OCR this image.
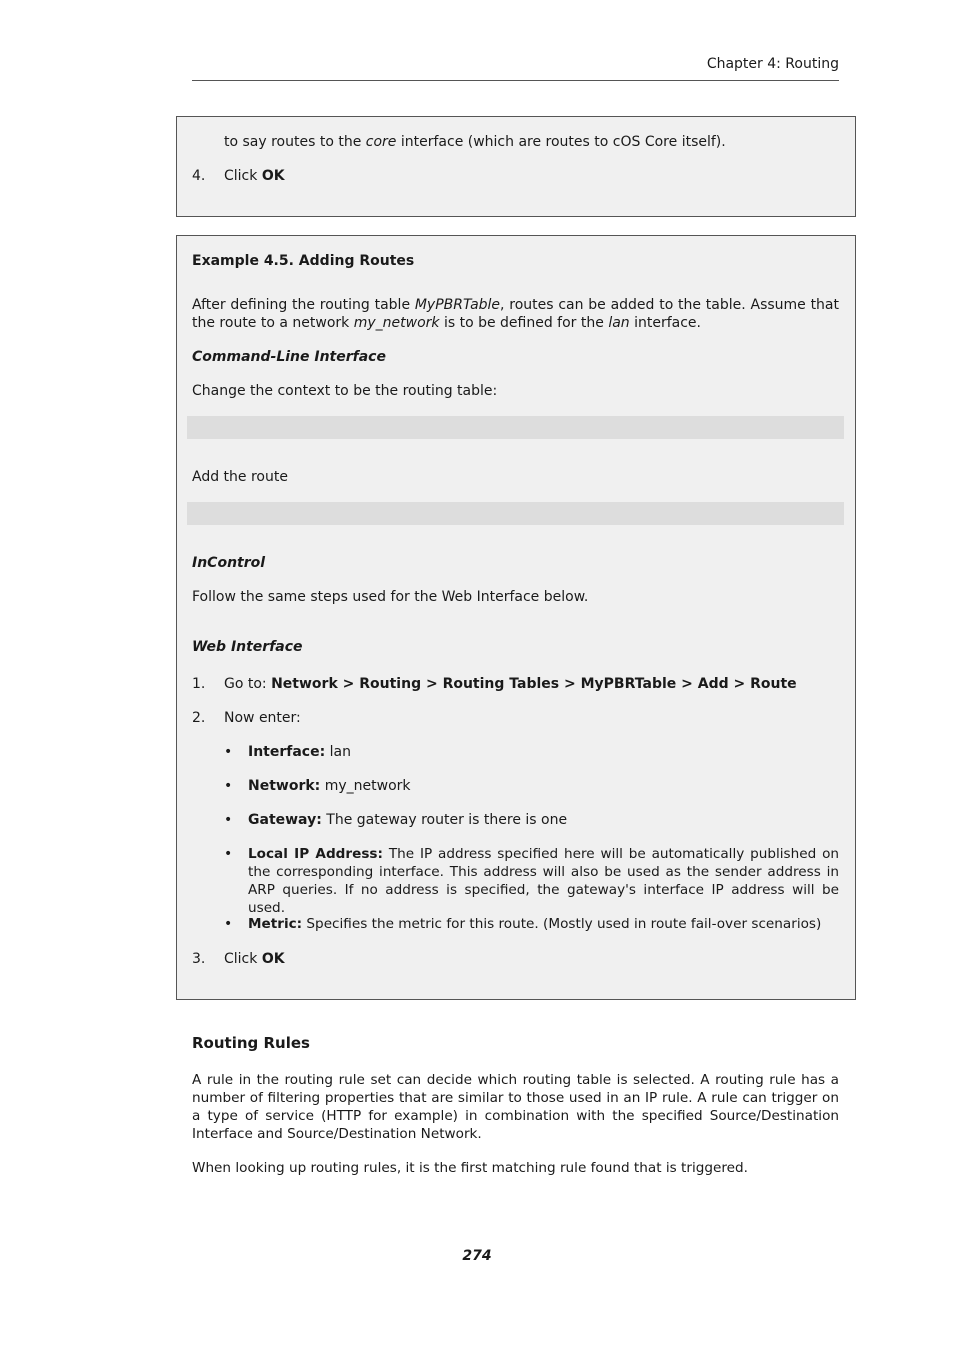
Chapter 4: Routing
to say routes to the core interface (which are routes to cOS Core itself).
4. Click OK
Example 4.5. Adding Routes
After defining the routing table MyPBRTable, routes can be added to the table. Assume that the route to a network my_network is to be defined for the lan interface.
Command-Line Interface
Change the context to be the routing table:
Add the route
InControl
Follow the same steps used for the Web Interface below.
Web Interface
1. Go to: Network > Routing > Routing Tables > MyPBRTable > Add > Route
2. Now enter:
• Interface: lan
• Network: my_network
• Gateway: The gateway router is there is one
• Local IP Address: The IP address specified here will be automatically published on the corresponding interface. This address will also be used as the sender address in ARP queries. If no address is specified, the gateway's interface IP address will be used.
• Metric: Specifies the metric for this route. (Mostly used in route fail-over scenarios)
3. Click OK
Routing Rules
A rule in the routing rule set can decide which routing table is selected. A routing rule has a number of filtering properties that are similar to those used in an IP rule. A rule can trigger on a type of service (HTTP for example) in combination with the specified Source/Destination Interface and Source/Destination Network.
When looking up routing rules, it is the first matching rule found that is triggered.
274
